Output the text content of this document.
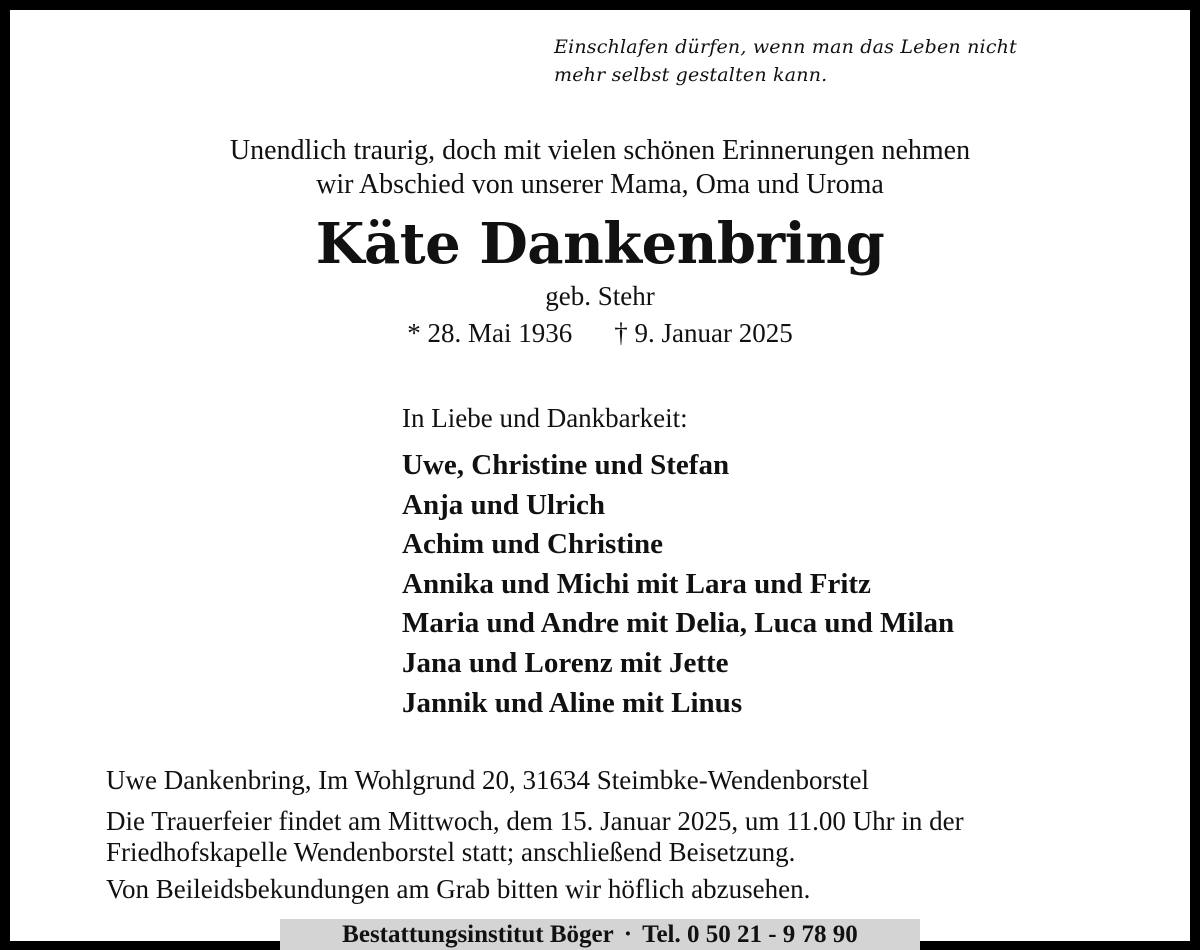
Einschlafen dürfen, wenn man das Leben nicht
mehr selbst gestalten kann.
Unendlich traurig, doch mit vielen schönen Erinnerungen nehmen
wir Abschied von unserer Mama, Oma und Uroma
Käte Dankenbring
geb. Stehr
* 28. Mai 1936 † 9. Januar 2025
In Liebe und Dankbarkeit:
Uwe, Christine und Stefan
Anja und Ulrich
Achim und Christine
Annika und Michi mit Lara und Fritz
Maria und Andre mit Delia, Luca und Milan
Jana und Lorenz mit Jette
Jannik und Aline mit Linus
Uwe Dankenbring, Im Wohlgrund 20, 31634 Steimbke-Wendenborstel
Die Trauerfeier findet am Mittwoch, dem 15. Januar 2025, um 11.00 Uhr in der
Friedhofskapelle Wendenborstel statt; anschließend Beisetzung.
Von Beileidsbekundungen am Grab bitten wir höflich abzusehen.
Bestattungsinstitut Böger · Tel. 0 50 21 - 9 78 90
